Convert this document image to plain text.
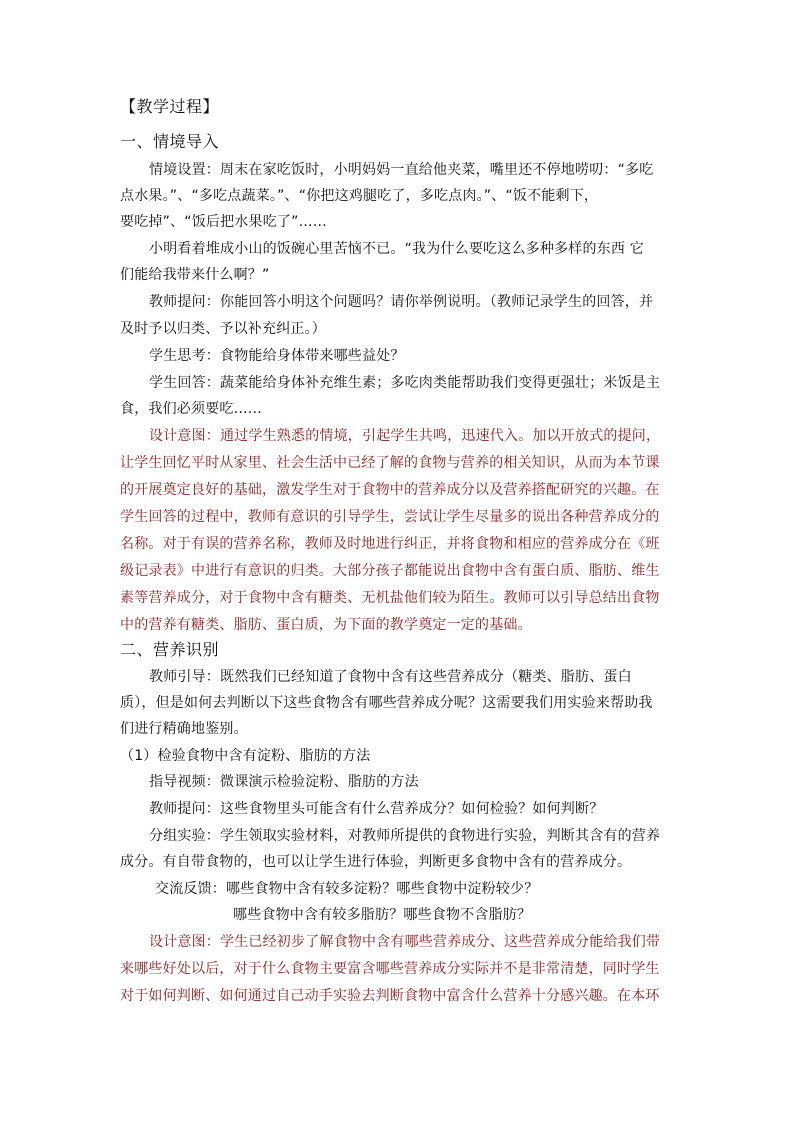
【教学过程】
一、情境导入
情境设置：周末在家吃饭时，小明妈妈一直给他夹菜，嘴里还不停地唠叨：“多吃
点水果。”、“多吃点蔬菜。”、“你把这鸡腿吃了，多吃点肉。”、“饭不能剩下，
要吃掉”、“饭后把水果吃了”……
小明看着堆成小山的饭碗心里苦恼不已。“我为什么要吃这么多种多样的东西 它
们能给我带来什么啊？”
教师提问：你能回答小明这个问题吗？请你举例说明。（教师记录学生的回答，并
及时予以归类、予以补充纠正。）
学生思考：食物能给身体带来哪些益处？
学生回答：蔬菜能给身体补充维生素；多吃肉类能帮助我们变得更强壮；米饭是主
食，我们必须要吃……
设计意图：通过学生熟悉的情境，引起学生共鸣，迅速代入。加以开放式的提问，
让学生回忆平时从家里、社会生活中已经了解的食物与营养的相关知识，从而为本节课
的开展奠定良好的基础，激发学生对于食物中的营养成分以及营养搭配研究的兴趣。在
学生回答的过程中，教师有意识的引导学生，尝试让学生尽量多的说出各种营养成分的
名称。对于有误的营养名称，教师及时地进行纠正，并将食物和相应的营养成分在《班
级记录表》中进行有意识的归类。大部分孩子都能说出食物中含有蛋白质、脂肪、维生
素等营养成分，对于食物中含有糖类、无机盐他们较为陌生。教师可以引导总结出食物
中的营养有糖类、脂肪、蛋白质，为下面的教学奠定一定的基础。
二、营养识别
教师引导：既然我们已经知道了食物中含有这些营养成分（糖类、脂肪、蛋白
质），但是如何去判断以下这些食物含有哪些营养成分呢？这需要我们用实验来帮助我
们进行精确地鉴别。
（1）检验食物中含有淀粉、脂肪的方法
指导视频：微课演示检验淀粉、脂肪的方法
教师提问：这些食物里头可能含有什么营养成分？如何检验？如何判断？
分组实验：学生领取实验材料，对教师所提供的食物进行实验，判断其含有的营养
成分。有自带食物的，也可以让学生进行体验，判断更多食物中含有的营养成分。
交流反馈：哪些食物中含有较多淀粉？哪些食物中淀粉较少？
哪些食物中含有较多脂肪？哪些食物不含脂肪？
设计意图：学生已经初步了解食物中含有哪些营养成分、这些营养成分能给我们带
来哪些好处以后，对于什么食物主要富含哪些营养成分实际并不是非常清楚，同时学生
对于如何判断、如何通过自己动手实验去判断食物中富含什么营养十分感兴趣。在本环
